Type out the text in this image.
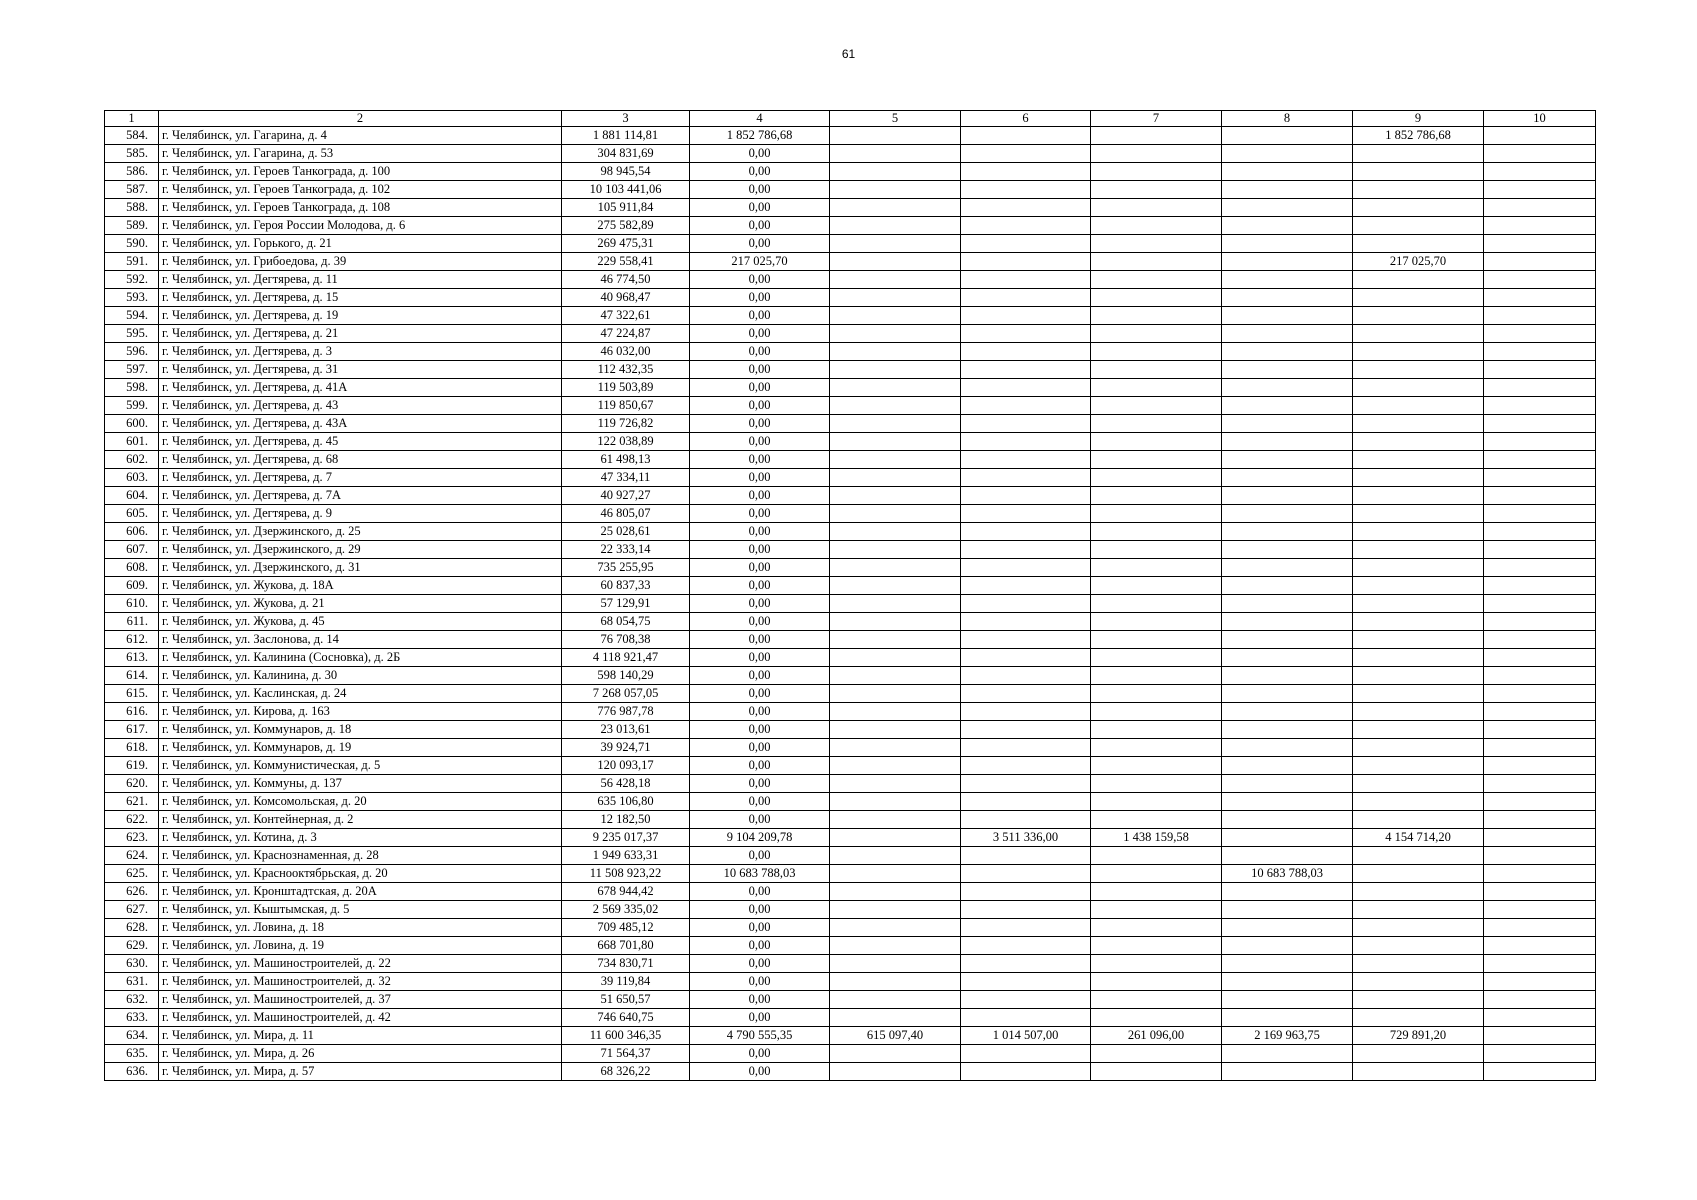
61
1	2	3	4	5	6	7	8	9	10
584.	г. Челябинск, ул. Гагарина, д. 4	1 881 114,81	1 852 786,68					1 852 786,68	
585.	г. Челябинск, ул. Гагарина, д. 53	304 831,69	0,00						
586.	г. Челябинск, ул. Героев Танкограда, д. 100	98 945,54	0,00						
587.	г. Челябинск, ул. Героев Танкограда, д. 102	10 103 441,06	0,00						
588.	г. Челябинск, ул. Героев Танкограда, д. 108	105 911,84	0,00						
589.	г. Челябинск, ул. Героя России Молодова, д. 6	275 582,89	0,00						
590.	г. Челябинск, ул. Горького, д. 21	269 475,31	0,00						
591.	г. Челябинск, ул. Грибоедова, д. 39	229 558,41	217 025,70					217 025,70	
592.	г. Челябинск, ул. Дегтярева, д. 11	46 774,50	0,00						
593.	г. Челябинск, ул. Дегтярева, д. 15	40 968,47	0,00						
594.	г. Челябинск, ул. Дегтярева, д. 19	47 322,61	0,00						
595.	г. Челябинск, ул. Дегтярева, д. 21	47 224,87	0,00						
596.	г. Челябинск, ул. Дегтярева, д. 3	46 032,00	0,00						
597.	г. Челябинск, ул. Дегтярева, д. 31	112 432,35	0,00						
598.	г. Челябинск, ул. Дегтярева, д. 41А	119 503,89	0,00						
599.	г. Челябинск, ул. Дегтярева, д. 43	119 850,67	0,00						
600.	г. Челябинск, ул. Дегтярева, д. 43А	119 726,82	0,00						
601.	г. Челябинск, ул. Дегтярева, д. 45	122 038,89	0,00						
602.	г. Челябинск, ул. Дегтярева, д. 68	61 498,13	0,00						
603.	г. Челябинск, ул. Дегтярева, д. 7	47 334,11	0,00						
604.	г. Челябинск, ул. Дегтярева, д. 7А	40 927,27	0,00						
605.	г. Челябинск, ул. Дегтярева, д. 9	46 805,07	0,00						
606.	г. Челябинск, ул. Дзержинского, д. 25	25 028,61	0,00						
607.	г. Челябинск, ул. Дзержинского, д. 29	22 333,14	0,00						
608.	г. Челябинск, ул. Дзержинского, д. 31	735 255,95	0,00						
609.	г. Челябинск, ул. Жукова, д. 18А	60 837,33	0,00						
610.	г. Челябинск, ул. Жукова, д. 21	57 129,91	0,00						
611.	г. Челябинск, ул. Жукова, д. 45	68 054,75	0,00						
612.	г. Челябинск, ул. Заслонова, д. 14	76 708,38	0,00						
613.	г. Челябинск, ул. Калинина (Сосновка), д. 2Б	4 118 921,47	0,00						
614.	г. Челябинск, ул. Калинина, д. 30	598 140,29	0,00						
615.	г. Челябинск, ул. Каслинская, д. 24	7 268 057,05	0,00						
616.	г. Челябинск, ул. Кирова, д. 163	776 987,78	0,00						
617.	г. Челябинск, ул. Коммунаров, д. 18	23 013,61	0,00						
618.	г. Челябинск, ул. Коммунаров, д. 19	39 924,71	0,00						
619.	г. Челябинск, ул. Коммунистическая, д. 5	120 093,17	0,00						
620.	г. Челябинск, ул. Коммуны, д. 137	56 428,18	0,00						
621.	г. Челябинск, ул. Комсомольская, д. 20	635 106,80	0,00						
622.	г. Челябинск, ул. Контейнерная, д. 2	12 182,50	0,00						
623.	г. Челябинск, ул. Котина, д. 3	9 235 017,37	9 104 209,78		3 511 336,00	1 438 159,58		4 154 714,20	
624.	г. Челябинск, ул. Краснознаменная, д. 28	1 949 633,31	0,00						
625.	г. Челябинск, ул. Краснооктябрьская, д. 20	11 508 923,22	10 683 788,03				10 683 788,03		
626.	г. Челябинск, ул. Кронштадтская, д. 20А	678 944,42	0,00						
627.	г. Челябинск, ул. Кыштымская, д. 5	2 569 335,02	0,00						
628.	г. Челябинск, ул. Ловина, д. 18	709 485,12	0,00						
629.	г. Челябинск, ул. Ловина, д. 19	668 701,80	0,00						
630.	г. Челябинск, ул. Машиностроителей, д. 22	734 830,71	0,00						
631.	г. Челябинск, ул. Машиностроителей, д. 32	39 119,84	0,00						
632.	г. Челябинск, ул. Машиностроителей, д. 37	51 650,57	0,00						
633.	г. Челябинск, ул. Машиностроителей, д. 42	746 640,75	0,00						
634.	г. Челябинск, ул. Мира, д. 11	11 600 346,35	4 790 555,35	615 097,40	1 014 507,00	261 096,00	2 169 963,75	729 891,20	
635.	г. Челябинск, ул. Мира, д. 26	71 564,37	0,00						
636.	г. Челябинск, ул. Мира, д. 57	68 326,22	0,00						
